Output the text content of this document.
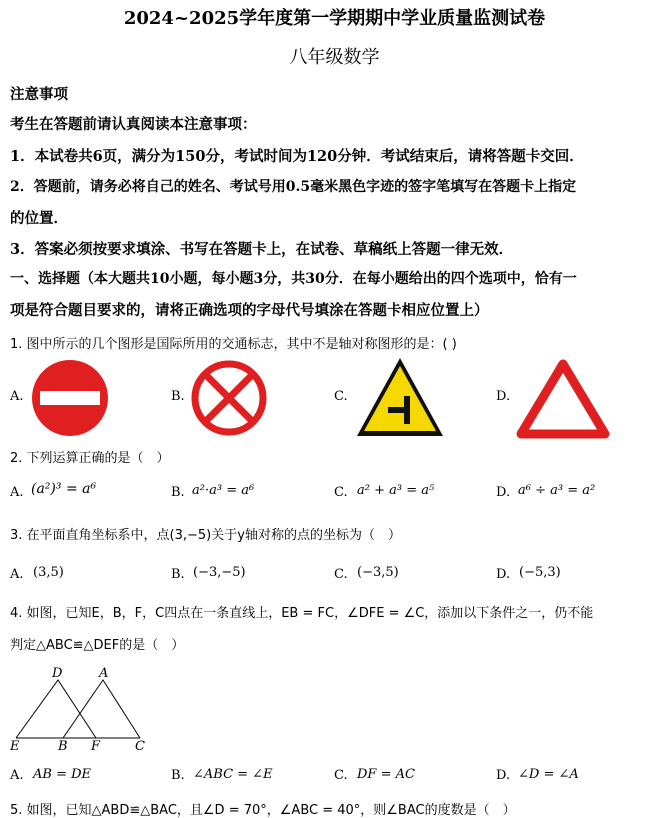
2024~2025学年度第一学期期中学业质量监测试卷
八年级数学
注意事项
考生在答题前请认真阅读本注意事项：
1．本试卷共6页，满分为150分，考试时间为120分钟．考试结束后，请将答题卡交回．
2．答题前，请务必将自己的姓名、考试号用0.5毫米黑色字迹的签字笔填写在答题卡上指定
的位置．
3．答案必须按要求填涂、书写在答题卡上，在试卷、草稿纸上答题一律无效．
一、选择题（本大题共10小题，每小题3分，共30分．在每小题给出的四个选项中，恰有一
项是符合题目要求的，请将正确选项的字母代号填涂在答题卡相应位置上）
1. 图中所示的几个图形是国际所用的交通标志，其中不是轴对称图形的是：( )
A.	B.	C.	D.
2. 下列运算正确的是（　）
A. (a²)³ = a⁶	B. a²·a³ = a⁶	C. a² + a³ = a⁵	D. a⁶ ÷ a³ = a²
3. 在平面直角坐标系中，点(3,−5)关于y轴对称的点的坐标为（　）
A. (3,5)	B. (−3,−5)	C. (−3,5)	D. (−5,3)
4. 如图，已知E，B，F，C四点在一条直线上，EB = FC，∠DFE = ∠C，添加以下条件之一，仍不能
判定△ABC≌△DEF的是（　）
D	A
E	B F	C
A. AB = DE	B. ∠ABC = ∠E	C. DF = AC	D. ∠D = ∠A
5. 如图，已知△ABD≌△BAC，且∠D = 70°，∠ABC = 40°，则∠BAC的度数是（　）
